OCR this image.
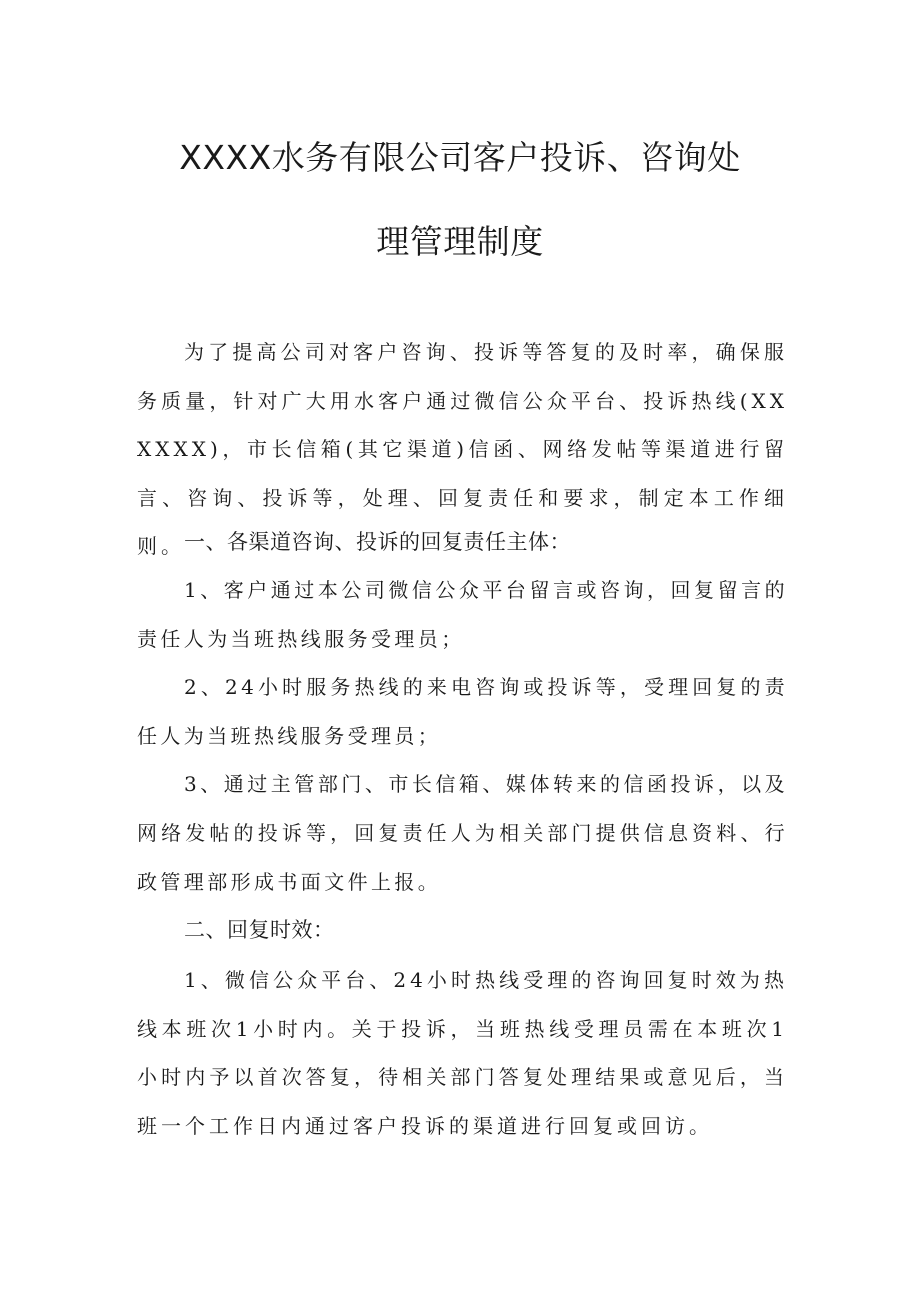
XXXX水务有限公司客户投诉、咨询处
理管理制度

为了提高公司对客户咨询、投诉等答复的及时率，确保服务质量，针对广大用水客户通过微信公众平台、投诉热线(XXXXXX)，市长信箱(其它渠道)信函、网络发帖等渠道进行留言、咨询、投诉等，处理、回复责任和要求，制定本工作细则。 一、各渠道咨询、投诉的回复责任主体：

1、客户通过本公司微信公众平台留言或咨询，回复留言的责任人为当班热线服务受理员；

2、24小时服务热线的来电咨询或投诉等，受理回复的责任人为当班热线服务受理员；

3、通过主管部门、市长信箱、媒体转来的信函投诉，以及网络发帖的投诉等，回复责任人为相关部门提供信息资料、行政管理部形成书面文件上报。

二、回复时效：

1、微信公众平台、24小时热线受理的咨询回复时效为热线本班次1小时内。关于投诉，当班热线受理员需在本班次1小时内予以首次答复，待相关部门答复处理结果或意见后，当班一个工作日内通过客户投诉的渠道进行回复或回访。
